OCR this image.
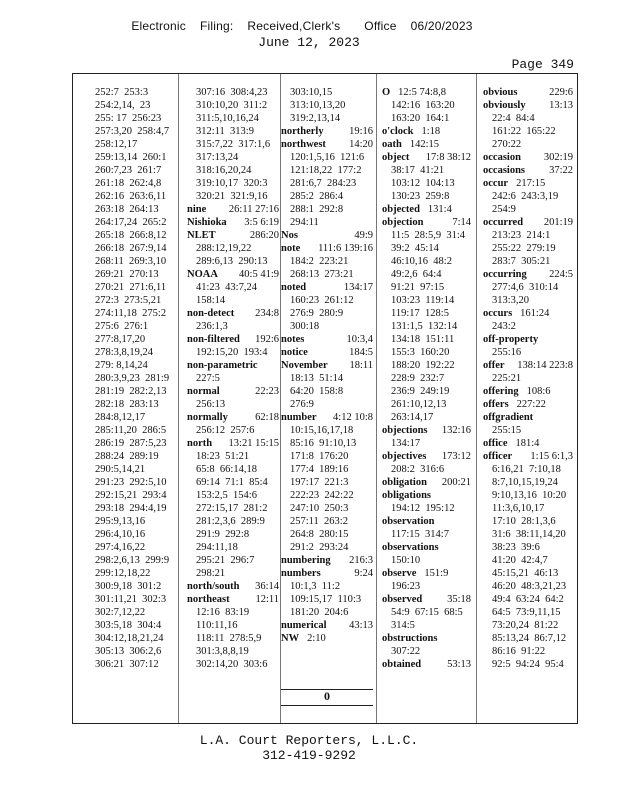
Electronic Filing: Received,Clerk's Office 06/20/2023
June 12, 2023
Page 349
252:7  253:3
254:2,14,  23
255: 17  256:23
257:3,20  258:4,7
258:12,17
259:13,14  260:1
260:7,23  261:7
261:18  262:4,8
262:16  263:6,11
263:18  264:13
264:17,24  265:2
265:18  266:8,12
266:18  267:9,14
268:11  269:3,10
269:21  270:13
270:21  271:6,11
272:3  273:5,21
274:11,18  275:2
275:6  276:1
277:8,17,20
278:3,8,19,24
279: 8,14,24
280:3,9,23  281:9
281:19  282:2,13
282:18  283:13
284:8,12,17
285:11,20  286:5
286:19  287:5,23
288:24  289:19
290:5,14,21
291:23  292:5,10
292:15,21  293:4
293:18  294:4,19
295:9,13,16
296:4,10,16
297:4,16,22
298:2,6,13  299:9
299:12,18,22
300:9,18  301:2
301:11,21  302:3
302:7,12,22
303:5,18  304:4
304:12,18,21,24
305:13  306:2,6
306:21  307:12
307:16  308:4,23
310:10,20  311:2
311:5,10,16,24
312:11  313:9
315:7,22  317:1,6
317:13,24
318:16,20,24
319:10,17  320:3
320:21  321:9,16
nine 26:11 27:16
Nishioka 3:5 6:19
NLET	286:20
288:12,19,22
289:6,13  290:13
NOAA 40:5 41:9
41:23  43:7,24
158:14
non-detect 234:8
236:1,3
non-filtered 192:6
192:15,20  193:4
non-parametric
227:5
normal	22:23
256:13
normally	62:18
256:12  257:6
north 13:21 15:15
18:23  51:21
65:8  66:14,18
69:14  71:1  85:4
153:2,5  154:6
272:15,17  281:2
281:2,3,6  289:9
291:9  292:8
294:11,18
295:21  296:7
298:21
north/south 36:14
northeast 12:11
12:16  83:19
110:11,16
118:11  278:5,9
301:3,8,8,19
302:14,20  303:6
303:10,15
313:10,13,20
319:2,13,14
northerly 19:16
northwest 14:20
120:1,5,16  121:6
121:18,22  177:2
281:6,7  284:23
285:2  286:4
288:1  292:8
294:11
Nos	49:9
note 111:6 139:16
184:2  223:21
268:13  273:21
noted	134:17
160:23  261:12
276:9  280:9
300:18
notes	10:3,4
notice	184:5
November 18:11
18:13  51:14
64:20  158:8
276:9
number 4:12 10:8
10:15,16,17,18
85:16  91:10,13
171:8  176:20
177:4  189:16
197:17  221:3
222:23  242:22
247:10  250:3
257:11  263:2
264:8  280:15
291:2  293:24
numbering 216:3
numbers	9:24
10:1,3  11:2
109:15,17  110:3
181:20  204:6
numerical 43:13
NW 2:10
O 12:5 74:8,8
142:16  163:20
163:20  164:1
o'clock 1:18
oath 142:15
object 17:8 38:12
38:17  41:21
103:12  104:13
130:23  259:8
objected 131:4
objection	7:14
11:5  28:5,9  31:4
39:2  45:14
46:10,16  48:2
49:2,6  64:4
91:21  97:15
103:23  119:14
119:17  128:5
131:1,5  132:14
134:18  151:11
155:3  160:20
188:20  192:22
228:9  232:7
236:9  249:19
261:10,12,13
263:14,17
objections 132:16
134:17
objectives 173:12
208:2  316:6
obligation 200:21
obligations
194:12  195:12
observation
117:15  314:7
observations
150:10
observe 151:9
196:23
observed 35:18
54:9  67:15  68:5
314:5
obstructions
307:22
obtained 53:13
obvious	229:6
obviously 13:13
22:4  84:4
161:22  165:22
270:22
occasion 302:19
occasions 37:22
occur 217:15
242:6  243:3,19
254:9
occurred 201:19
213:23  214:1
255:22  279:19
283:7  305:21
occurring 224:5
277:4,6  310:14
313:3,20
occurs 161:24
243:2
off-property
255:16
offer 138:14 223:8
225:21
offering 108:6
offers 227:22
offgradient
255:15
office 181:4
officer 1:15 6:1,3
6:16,21  7:10,18
8:7,10,15,19,24
9:10,13,16  10:20
11:3,6,10,17
17:10  28:1,3,6
31:6  38:11,14,20
38:23  39:6
41:20  42:4,7
45:15,21  46:13
46:20  48:3,21,23
49:4  63:24  64:2
64:5  73:9,11,15
73:20,24  81:22
85:13,24  86:7,12
86:16  91:22
92:5  94:24  95:4
0
L.A. Court Reporters, L.L.C.
312-419-9292
